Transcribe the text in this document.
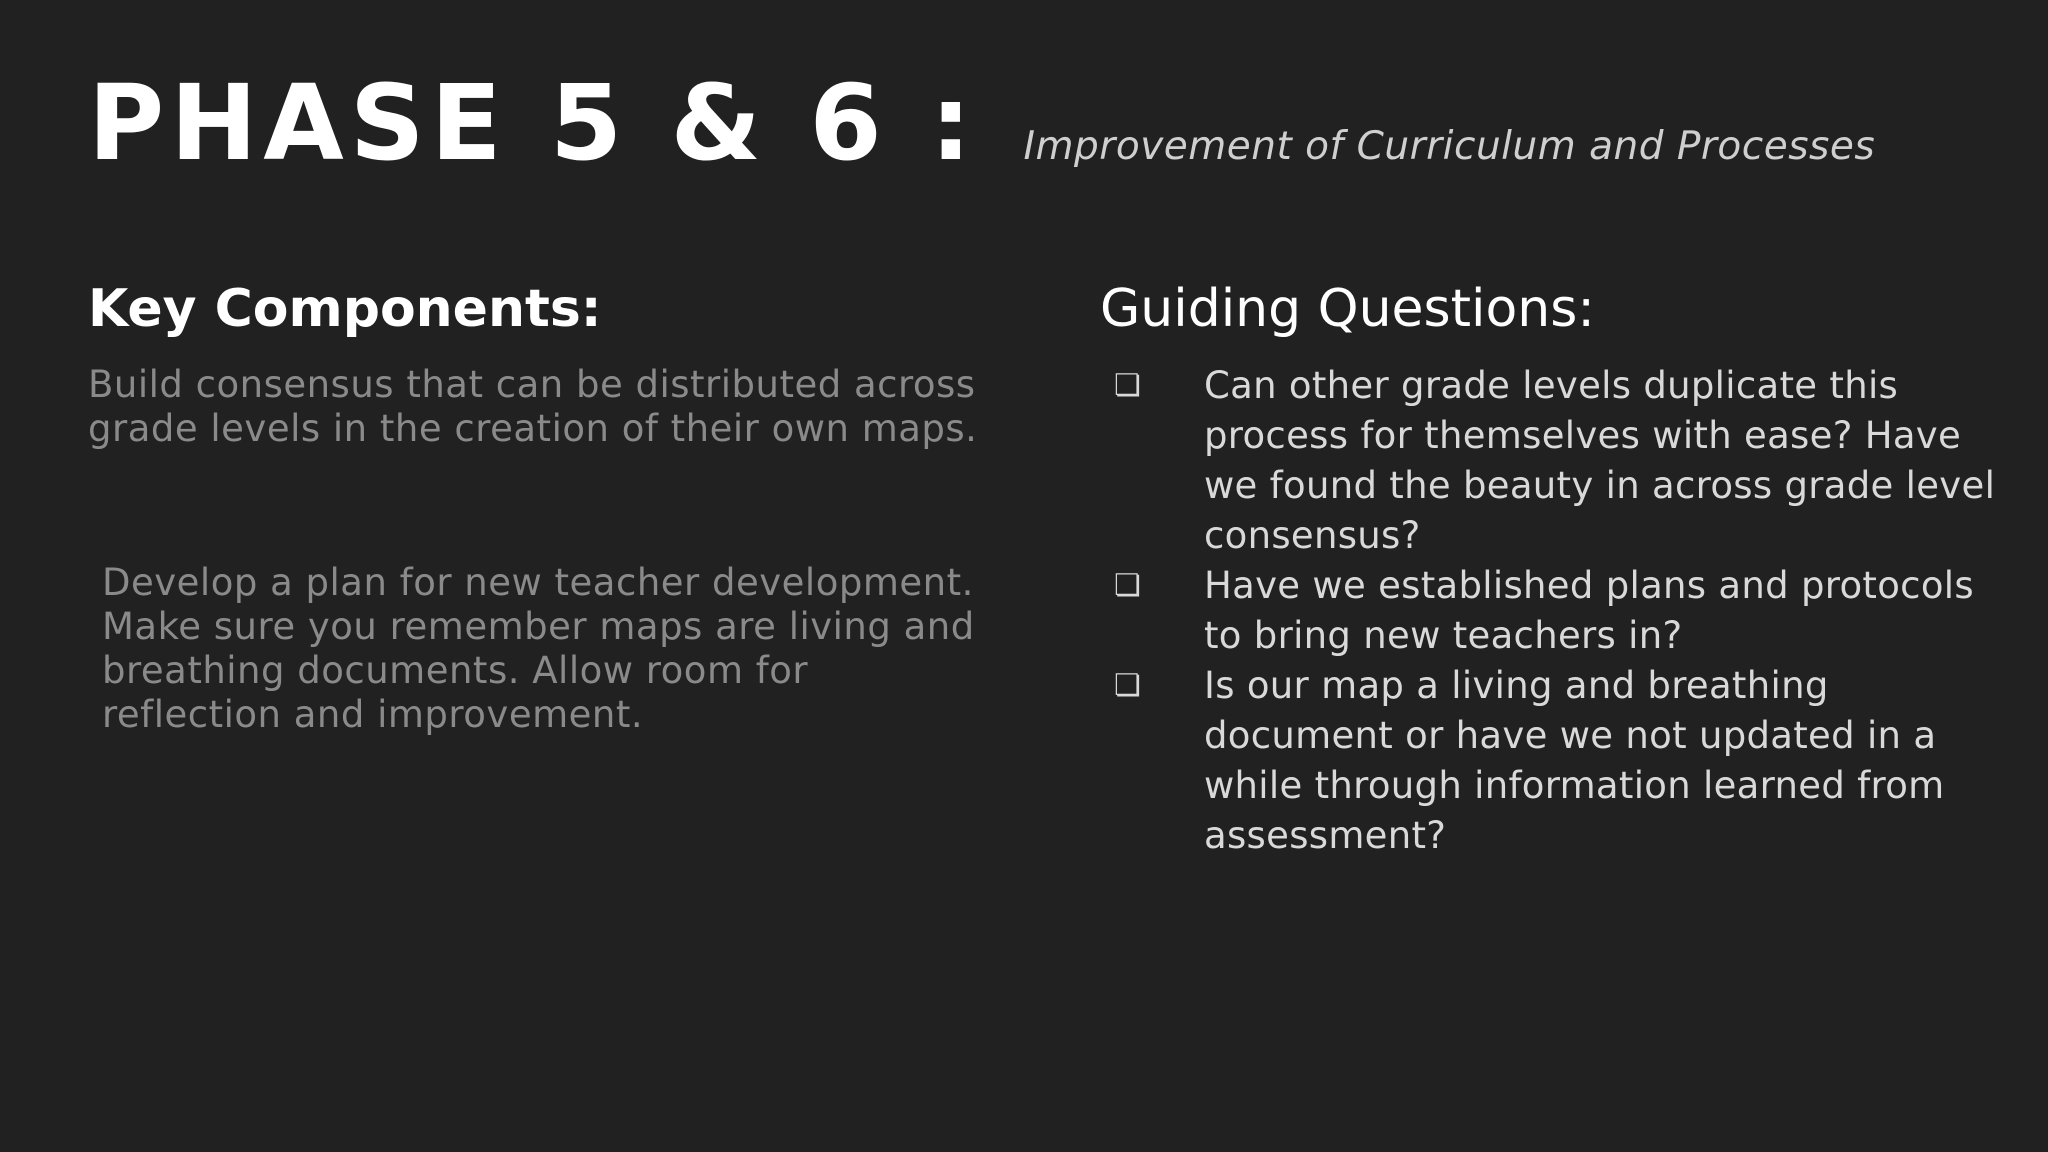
PHASE 5 & 6 : Improvement of Curriculum and Processes
Key Components:

Build consensus that can be distributed across grade levels in the creation of their own maps.

Develop a plan for new teacher development. Make sure you remember maps are living and breathing documents. Allow room for reflection and improvement.

Guiding Questions:
❏	Can other grade levels duplicate this process for themselves with ease? Have we found the beauty in across grade level consensus?
❏	Have we established plans and protocols to bring new teachers in?
❏	Is our map a living and breathing document or have we not updated in a while through information learned from assessment?
